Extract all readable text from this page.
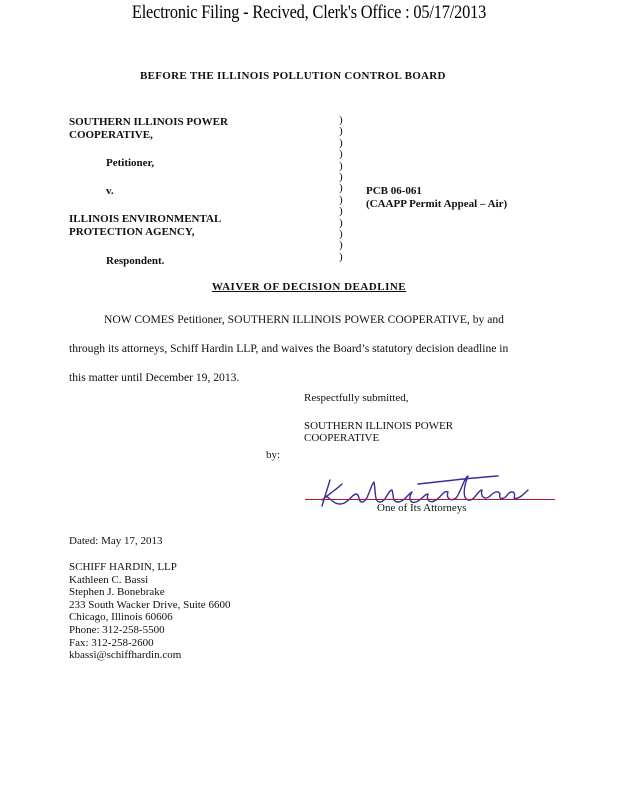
Electronic Filing - Recived, Clerk's Office : 05/17/2013
BEFORE THE ILLINOIS POLLUTION CONTROL BOARD
SOUTHERN ILLINOIS POWER
COOPERATIVE,
Petitioner,
v.
ILLINOIS ENVIRONMENTAL
PROTECTION AGENCY,
Respondent.
)
)
)
)
)
)
)
)
)
)
)
)
)
PCB 06-061
(CAAPP Permit Appeal – Air)
WAIVER OF DECISION DEADLINE
NOW COMES Petitioner, SOUTHERN ILLINOIS POWER COOPERATIVE, by and
through its attorneys, Schiff Hardin LLP, and waives the Board’s statutory decision deadline in
this matter until December 19, 2013.
Respectfully submitted,
SOUTHERN ILLINOIS POWER
COOPERATIVE
by:
One of Its Attorneys
Dated: May 17, 2013
SCHIFF HARDIN, LLP
Kathleen C. Bassi
Stephen J. Bonebrake
233 South Wacker Drive, Suite 6600
Chicago, Illinois 60606
Phone: 312-258-5500
Fax: 312-258-2600
kbassi@schiffhardin.com
